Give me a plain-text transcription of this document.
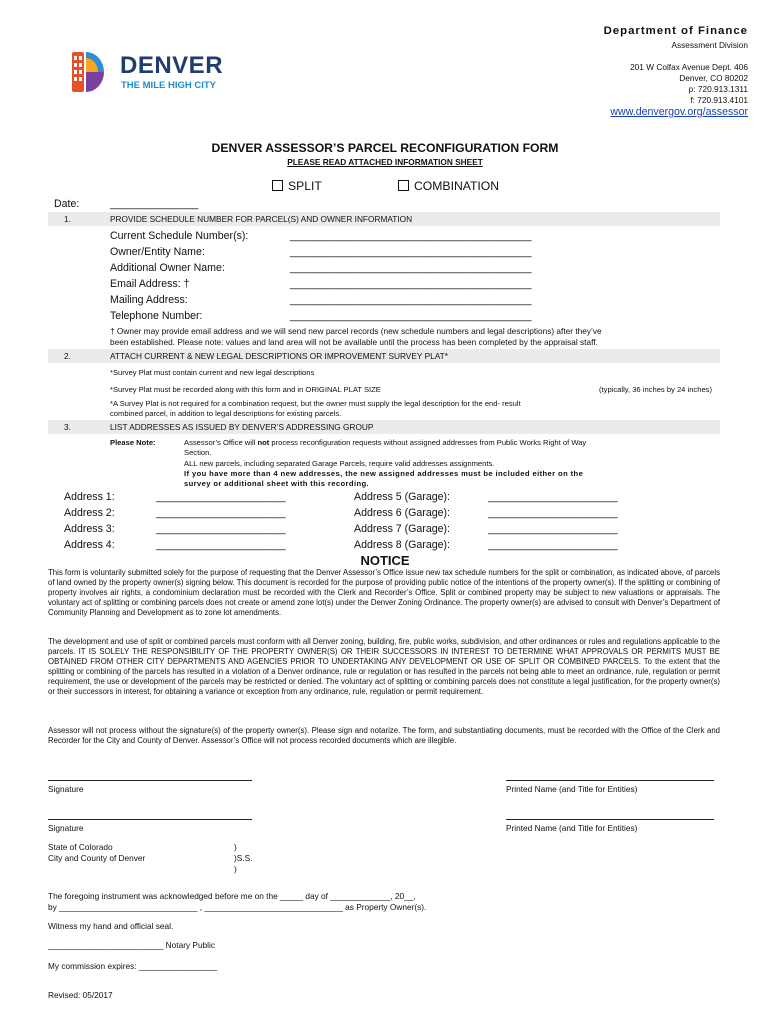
DENVER
THE MILE HIGH CITY
Department of Finance
Assessment Division
201 W Colfax Avenue Dept. 406
Denver, CO 80202
p: 720.913.1311
f: 720.913.4101
www.denvergov.org/assessor
DENVER ASSESSOR’S PARCEL RECONFIGURATION FORM
PLEASE READ ATTACHED INFORMATION SHEET
SPLIT	COMBINATION
Date:	_______________
1.	PROVIDE SCHEDULE NUMBER FOR PARCEL(S) AND OWNER INFORMATION
Current Schedule Number(s):	_________________________________________
Owner/Entity Name:	_________________________________________
Additional Owner Name:	_________________________________________
Email Address: †	_________________________________________
Mailing Address:	_________________________________________
Telephone Number:	_________________________________________
† Owner may provide email address and we will send new parcel records (new schedule numbers and legal descriptions) after they’ve
been established. Please note: values and land area will not be available until the process has been completed by the appraisal staff.
2.	ATTACH CURRENT & NEW LEGAL DESCRIPTIONS OR IMPROVEMENT SURVEY PLAT*
*Survey Plat must contain current and new legal descriptions
*Survey Plat must be recorded along with this form and in ORIGINAL PLAT SIZE	(typically, 36 inches by 24 inches)
*A Survey Plat is not required for a combination request, but the owner must supply the legal description for the end- result
combined parcel, in addition to legal descriptions for existing parcels.
3.	LIST ADDRESSES AS ISSUED BY DENVER’S ADDRESSING GROUP
Please Note:	Assessor’s Office will not process reconfiguration requests without assigned addresses from Public Works Right of Way
Section.
ALL new parcels, including separated Garage Parcels, require valid addresses assignments.
If you have more than 4 new addresses, the new assigned addresses must be included either on the
survey or additional sheet with this recording.
Address 1:	______________________
Address 2:	______________________
Address 3:	______________________
Address 4:	______________________
Address 5 (Garage):	______________________
Address 6 (Garage):	______________________
Address 7 (Garage):	______________________
Address 8 (Garage):	______________________
NOTICE
This form is voluntarily submitted solely for the purpose of requesting that the Denver Assessor’s Office issue new tax schedule numbers for the split or combination, as indicated above, of parcels of land owned by the property owner(s) signing below. This document is recorded for the purpose of providing public notice of the intentions of the property owner(s). If the splitting or combining of property involves air rights, a condominium declaration must be recorded with the Clerk and Recorder’s Office. Split or combined property may be subject to new valuations or appraisals. The voluntary act of splitting or combining parcels does not create or amend zone lot(s) under the Denver Zoning Ordinance. The property owner(s) are advised to consult with Denver’s Department of Community Planning and Development as to zone lot amendments.
The development and use of split or combined parcels must conform with all Denver zoning, building, fire, public works, subdivision, and other ordinances or rules and regulations applicable to the parcels. IT IS SOLELY THE RESPONSIBILITY OF THE PROPERTY OWNER(S) OR THEIR SUCCESSORS IN INTEREST TO DETERMINE WHAT APPROVALS OR PERMITS MUST BE OBTAINED FROM OTHER CITY DEPARTMENTS AND AGENCIES PRIOR TO UNDERTAKING ANY DEVELOPMENT OR USE OF SPLIT OR COMBINED PARCELS. To the extent that the splitting or combining of the parcels has resulted in a violation of a Denver ordinance, rule or regulation or has resulted in the parcels not being able to meet an ordinance, rule, regulation or permit requirement, the use or development of the parcels may be restricted or denied. The voluntary act of splitting or combining parcels does not constitute a legal justification, for the property owner(s) or their successors in interest, for obtaining a variance or exception from any ordinance, rule, regulation or permit requirement.
Assessor will not process without the signature(s) of the property owner(s). Please sign and notarize. The form, and substantiating documents, must be recorded with the Office of the Clerk and Recorder for the City and County of Denver. Assessor’s Office will not process recorded documents which are illegible.
Signature	Printed Name (and Title for Entities)
Signature	Printed Name (and Title for Entities)
State of Colorado
City and County of Denver
)
)S.S.
)
The foregoing instrument was acknowledged before me on the _____ day of _____________, 20__,
by ______________________________ , ______________________________ as Property Owner(s).
Witness my hand and official seal.
_________________________ Notary Public
My commission expires: _________________
Revised: 05/2017
